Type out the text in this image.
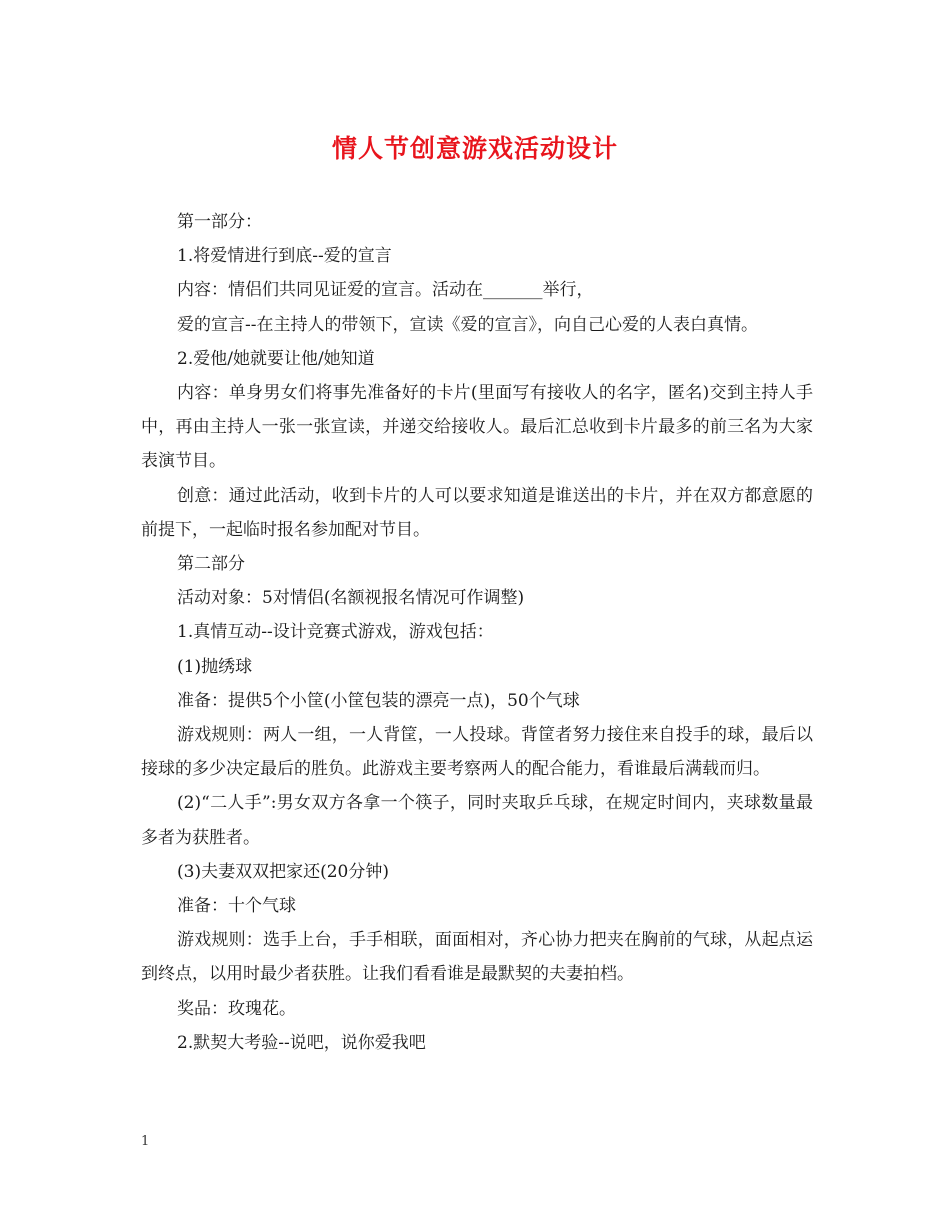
情人节创意游戏活动设计

第一部分：

1.将爱情进行到底--爱的宣言

内容：情侣们共同见证爱的宣言。活动在_______举行，

爱的宣言--在主持人的带领下，宣读《爱的宣言》，向自己心爱的人表白真情。

2.爱他/她就要让他/她知道

内容：单身男女们将事先准备好的卡片(里面写有接收人的名字，匿名)交到主持人手中，再由主持人一张一张宣读，并递交给接收人。最后汇总收到卡片最多的前三名为大家表演节目。

创意：通过此活动，收到卡片的人可以要求知道是谁送出的卡片，并在双方都意愿的前提下，一起临时报名参加配对节目。

第二部分

活动对象：5对情侣(名额视报名情况可作调整)

1.真情互动--设计竞赛式游戏，游戏包括：

(1)抛绣球

准备：提供5个小筐(小筐包装的漂亮一点)，50个气球

游戏规则：两人一组，一人背筐，一人投球。背筐者努力接住来自投手的球，最后以接球的多少决定最后的胜负。此游戏主要考察两人的配合能力，看谁最后满载而归。

(2)“二人手”:男女双方各拿一个筷子，同时夹取乒乓球，在规定时间内，夹球数量最多者为获胜者。

(3)夫妻双双把家还(20分钟)

准备：十个气球

游戏规则：选手上台，手手相联，面面相对，齐心协力把夹在胸前的气球，从起点运到终点，以用时最少者获胜。让我们看看谁是最默契的夫妻拍档。

奖品：玫瑰花。

2.默契大考验--说吧，说你爱我吧

1
